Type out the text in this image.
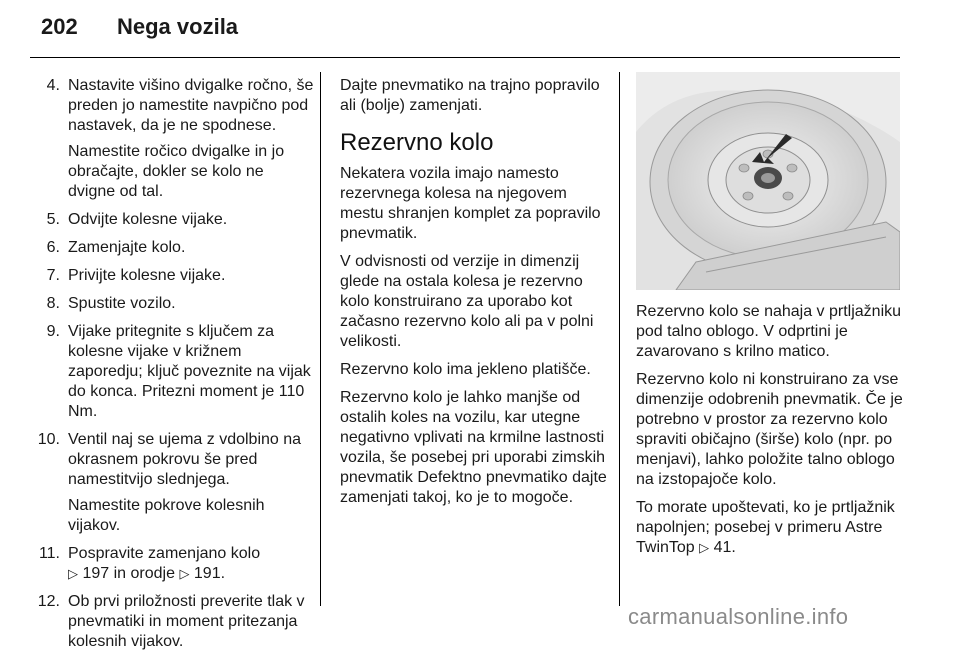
202 Nega vozila
4. Nastavite višino dvigalke ročno, še preden jo namestite navpično pod nastavek, da je ne spodnese.
Namestite ročico dvigalke in jo obračajte, dokler se kolo ne dvigne od tal.
5. Odvijte kolesne vijake.
6. Zamenjajte kolo.
7. Privijte kolesne vijake.
8. Spustite vozilo.
9. Vijake pritegnite s ključem za kolesne vijake v križnem zaporedju; ključ poveznite na vijak do konca. Pritezni moment je 110 Nm.
10. Ventil naj se ujema z vdolbino na okrasnem pokrovu še pred namestitvijo slednjega.
Namestite pokrove kolesnih vijakov.
11. Pospravite zamenjano kolo
▷ 197 in orodje ▷ 191.
12. Ob prvi priložnosti preverite tlak v pnevmatiki in moment pritezanja kolesnih vijakov.

Dajte pnevmatiko na trajno popravilo ali (bolje) zamenjati.

Rezervno kolo

Nekatera vozila imajo namesto rezervnega kolesa na njegovem mestu shranjen komplet za popravilo pnevmatik.

V odvisnosti od verzije in dimenzij glede na ostala kolesa je rezervno kolo konstruirano za uporabo kot začasno rezervno kolo ali pa v polni velikosti.

Rezervno kolo ima jekleno platišče.

Rezervno kolo je lahko manjše od ostalih koles na vozilu, kar utegne negativno vplivati na krmilne lastnosti vozila, še posebej pri uporabi zimskih pnevmatik Defektno pnevmatiko dajte zamenjati takoj, ko je to mogoče.

Rezervno kolo se nahaja v prtljažniku pod talno oblogo. V odprtini je zavarovano s krilno matico.

Rezervno kolo ni konstruirano za vse dimenzije odobrenih pnevmatik. Če je potrebno v prostor za rezervno kolo spraviti običajno (širše) kolo (npr. po menjavi), lahko položite talno oblogo na izstopajoče kolo.

To morate upoštevati, ko je prtljažnik napolnjen; posebej v primeru Astre TwinTop ▷ 41.

carmanualsonline.info
